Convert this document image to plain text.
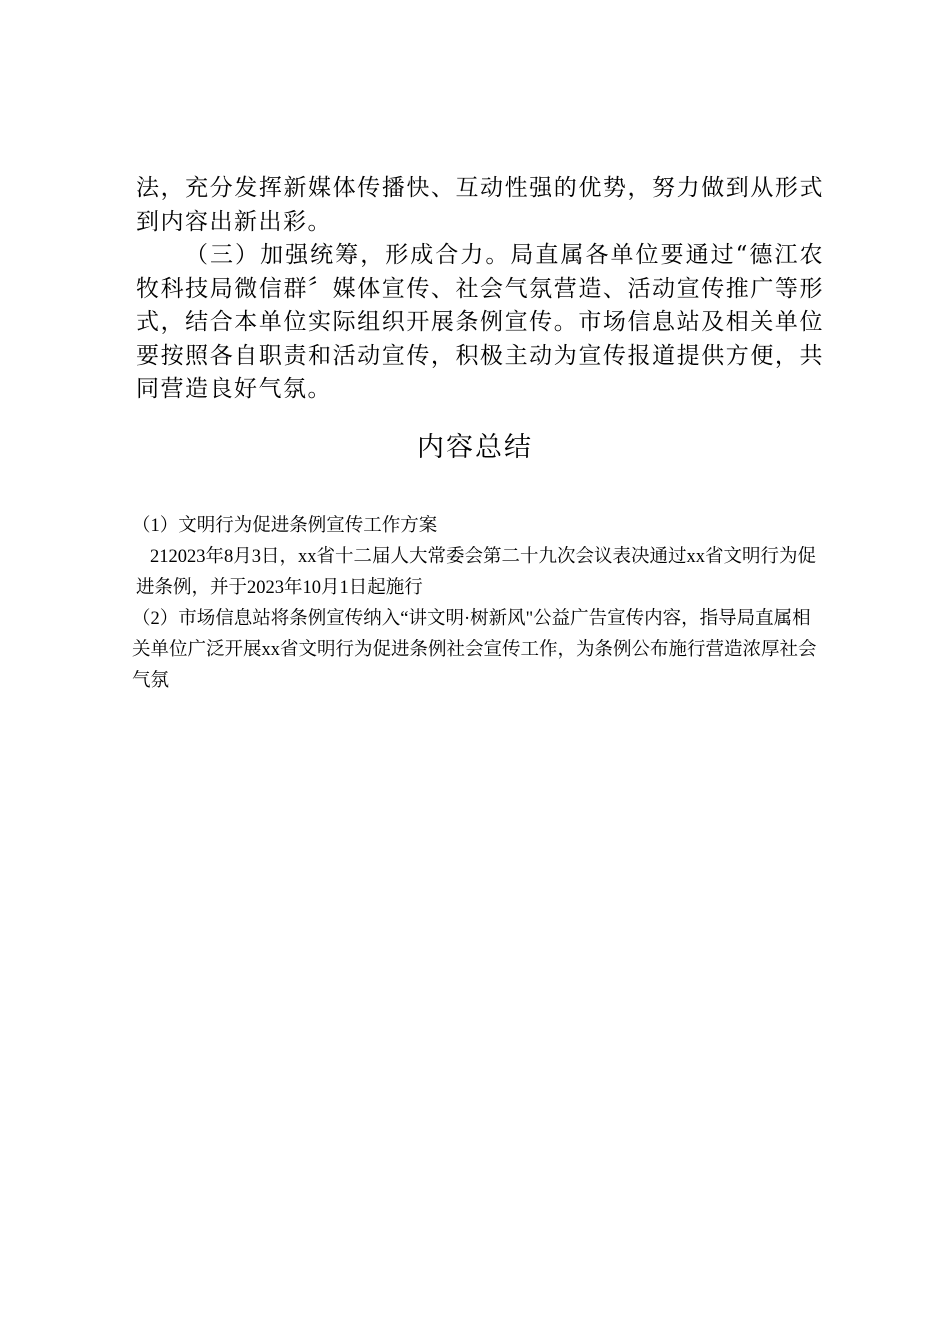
法，充分发挥新媒体传播快、互动性强的优势，努力做到从形式到内容出新出彩。

（三）加强统筹，形成合力。局直属各单位要通过“德江农牧科技局微信群〞媒体宣传、社会气氛营造、活动宣传推广等形式，结合本单位实际组织开展条例宣传。市场信息站及相关单位要按照各自职责和活动宣传，积极主动为宣传报道提供方便，共同营造良好气氛。

内容总结

（1）文明行为促进条例宣传工作方案

212023年8月3日，xx省十二届人大常委会第二十九次会议表决通过xx省文明行为促进条例，并于2023年10月1日起施行

（2）市场信息站将条例宣传纳入“讲文明·树新风"公益广告宣传内容，指导局直属相关单位广泛开展xx省文明行为促进条例社会宣传工作，为条例公布施行营造浓厚社会气氛
